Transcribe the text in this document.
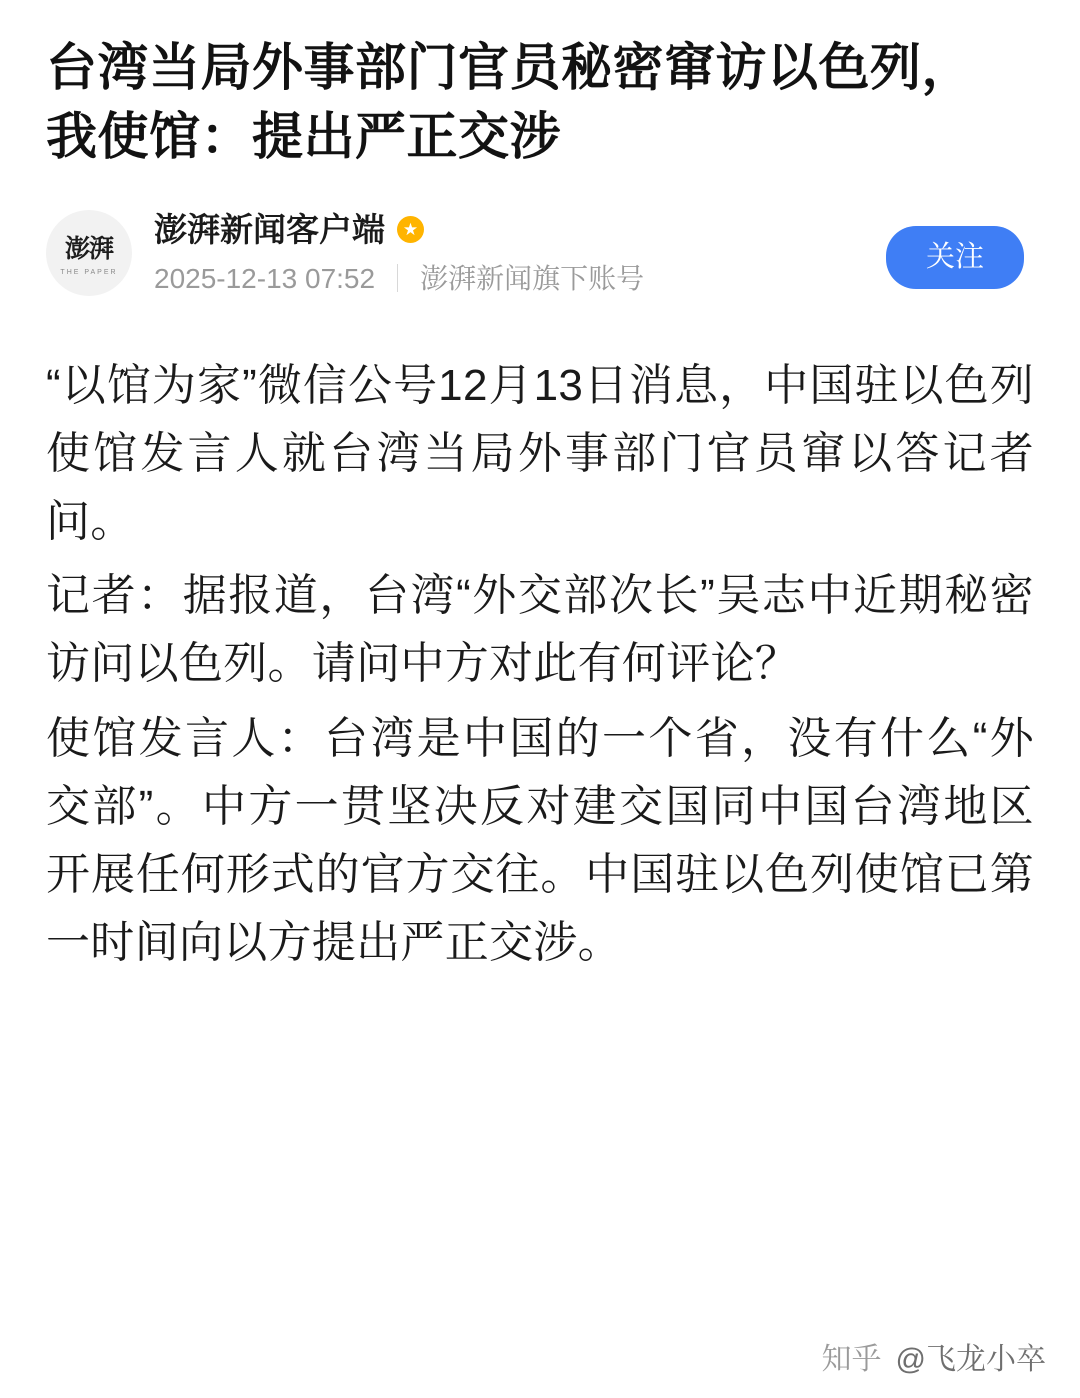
台湾当局外事部门官员秘密窜访以色列，我使馆：提出严正交涉
澎湃
THE PAPER
澎湃新闻客户端	★
2025-12-13 07:52 澎湃新闻旗下账号
关注

“以馆为家”微信公号12月13日消息，中国驻以色列使馆发言人就台湾当局外事部门官员窜以答记者问。

记者：据报道，台湾“外交部次长”吴志中近期秘密访问以色列。请问中方对此有何评论？

使馆发言人：台湾是中国的一个省，没有什么“外交部”。中方一贯坚决反对建交国同中国台湾地区开展任何形式的官方交往。中国驻以色列使馆已第一时间向以方提出严正交涉。

知乎 @飞龙小卒
